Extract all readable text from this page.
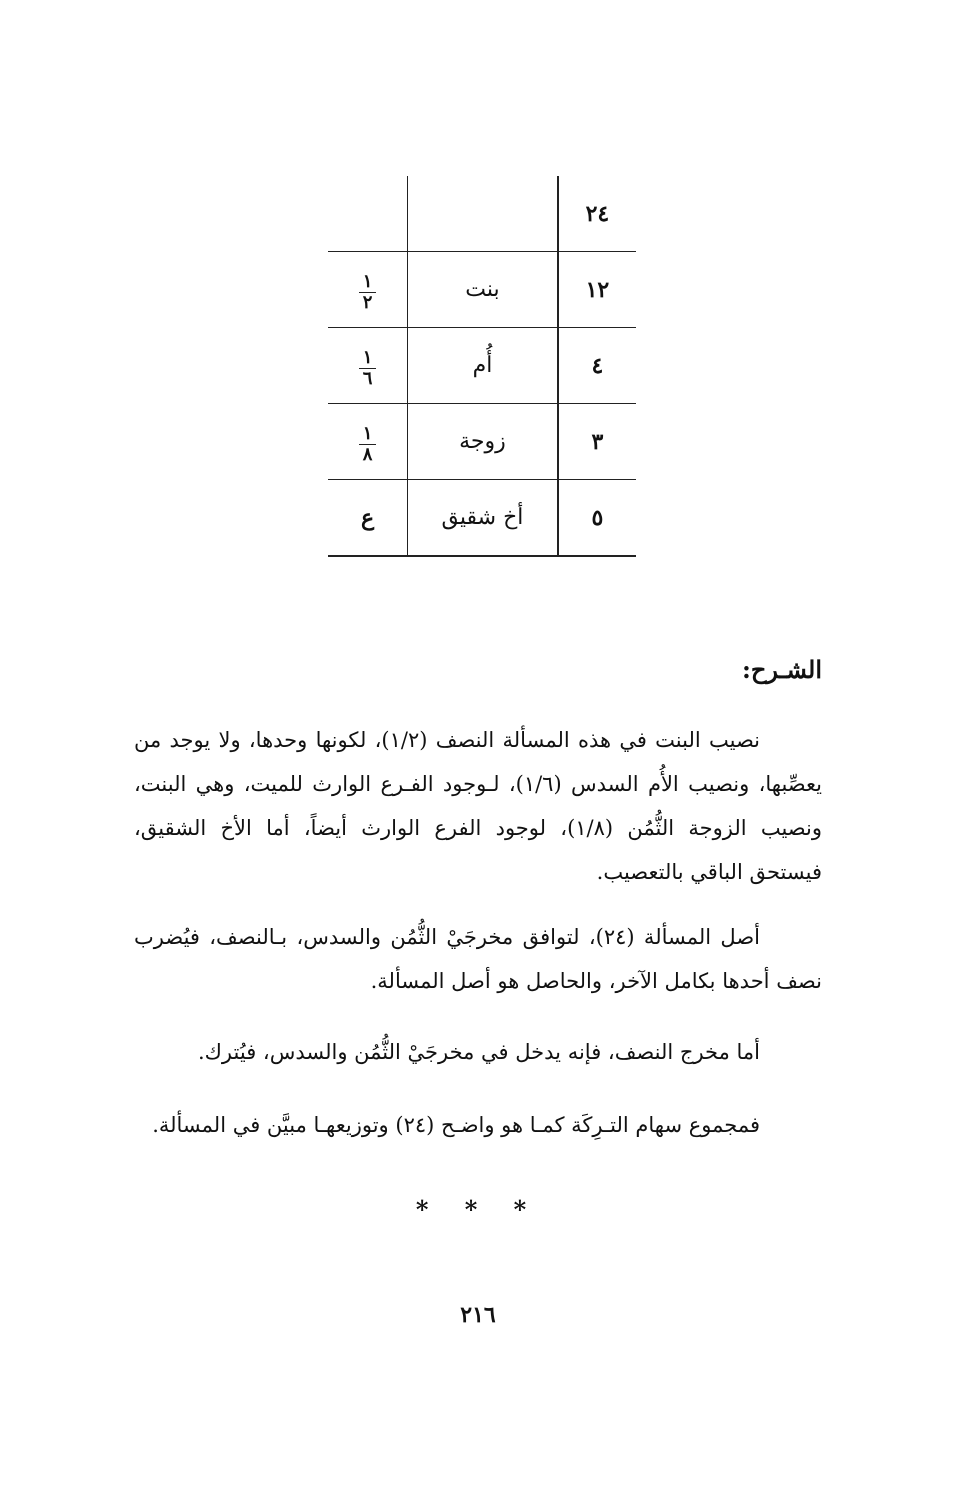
٢٤		
١٢	بنت	$\frac{١}{٢}$

٤	أُم	$\frac{١}{٦}$

٣	زوجة	$\frac{١}{٨}$

٥	أخ شقيق	ع
الشـرح:

نصيب البنت في هذه المسألة النصف (١/٢)، لكونها وحدها، ولا يوجد من يعصِّبها، ونصيب الأُم السدس (١/٦)، لـوجود الفـرع الوارث للميت، وهي البنت، ونصيب الزوجة الثُّمُن (١/٨)، لوجود الفرع الوارث أيضاً، أما الأخ الشقيق، فيستحق الباقي بالتعصيب.

أصل المسألة (٢٤)، لتوافق مخرجَيْ الثُّمُن والسدس، بـالنصف، فيُضرب نصف أحدها بكامل الآخر، والحاصل هو أصل المسألة.

أما مخرج النصف، فإنه يدخل في مخرجَيْ الثُّمُن والسدس، فيُترك.

فمجموع سهام التـرِكَة كمـا هو واضـح (٢٤) وتوزيعهـا مبيَّن في المسألة.

* * *
٢١٦
